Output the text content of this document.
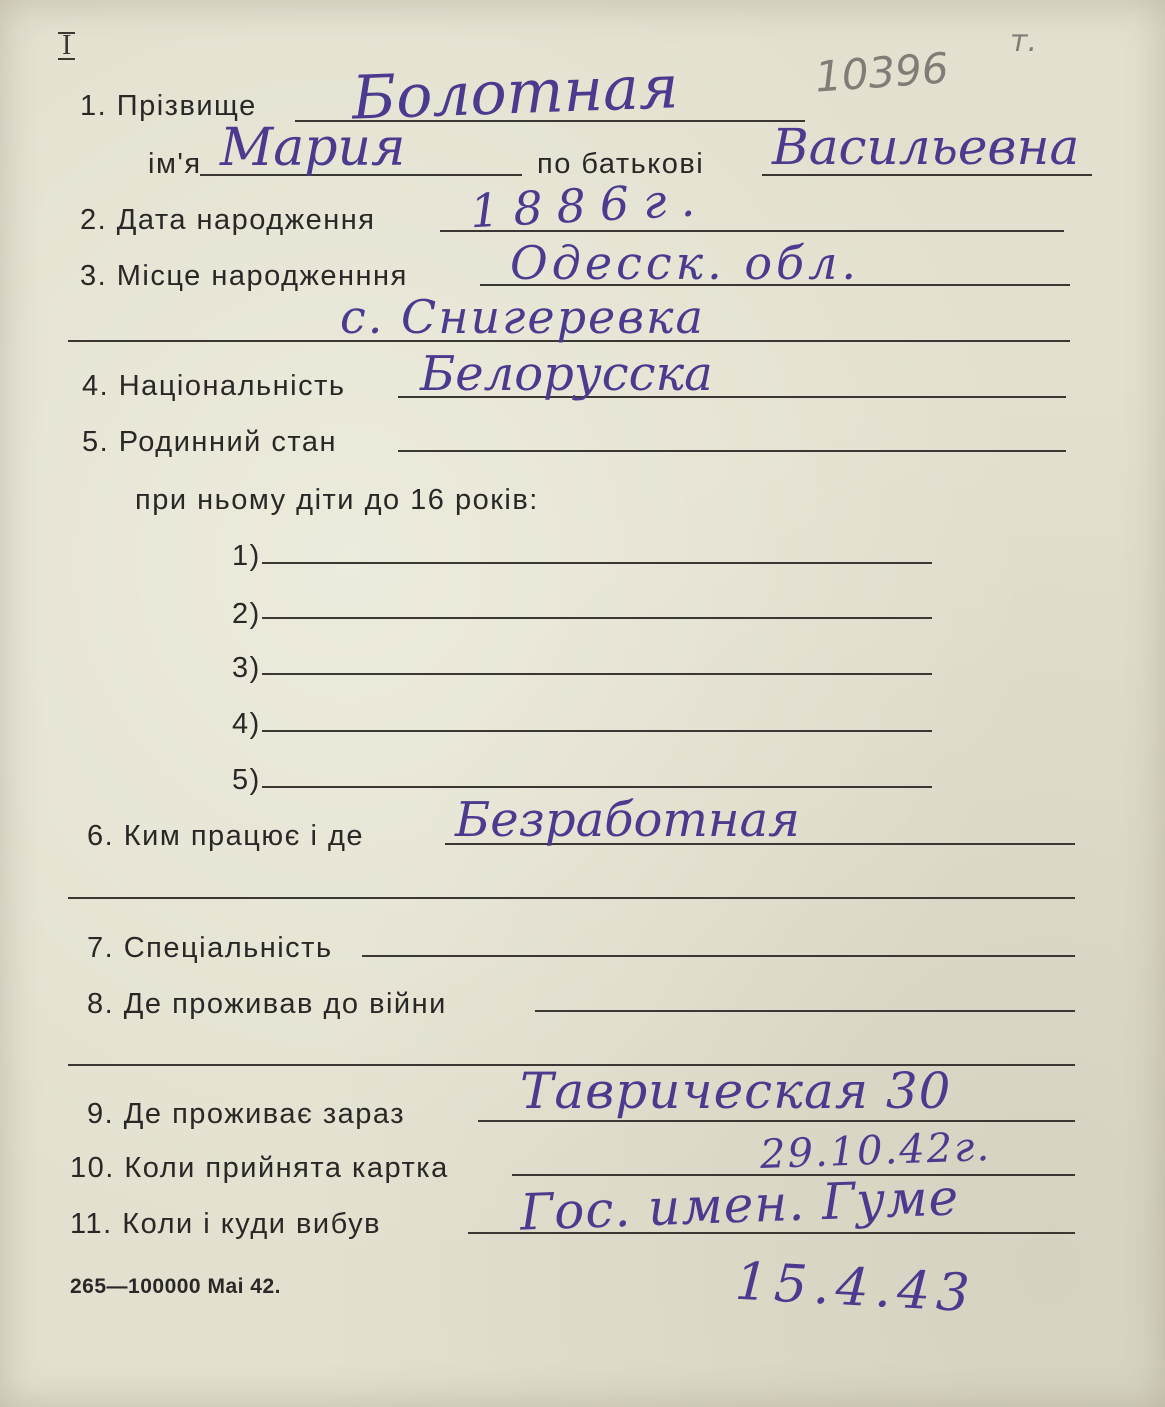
I	10396
т.
1. Прізвище Болотная
ім'я Мария	по батькові Васильевна
2. Дата народження 1886г.
3. Місце народженння Одесск. обл.
с. Снигеревка
4. Національність Белорусска
5. Родинний стан
при ньому діти до 16 років:
1)
2)
3)
4)
5)
6. Ким працює і де Безработная
7. Спеціальність
8. Де проживав до війни
9. Де проживає зараз Таврическая 30
10. Коли прийнята картка	29.10.42г.
11. Коли і куди вибув	Гос. имен. Гуме
15.4.43
265—100000 Mai 42.
